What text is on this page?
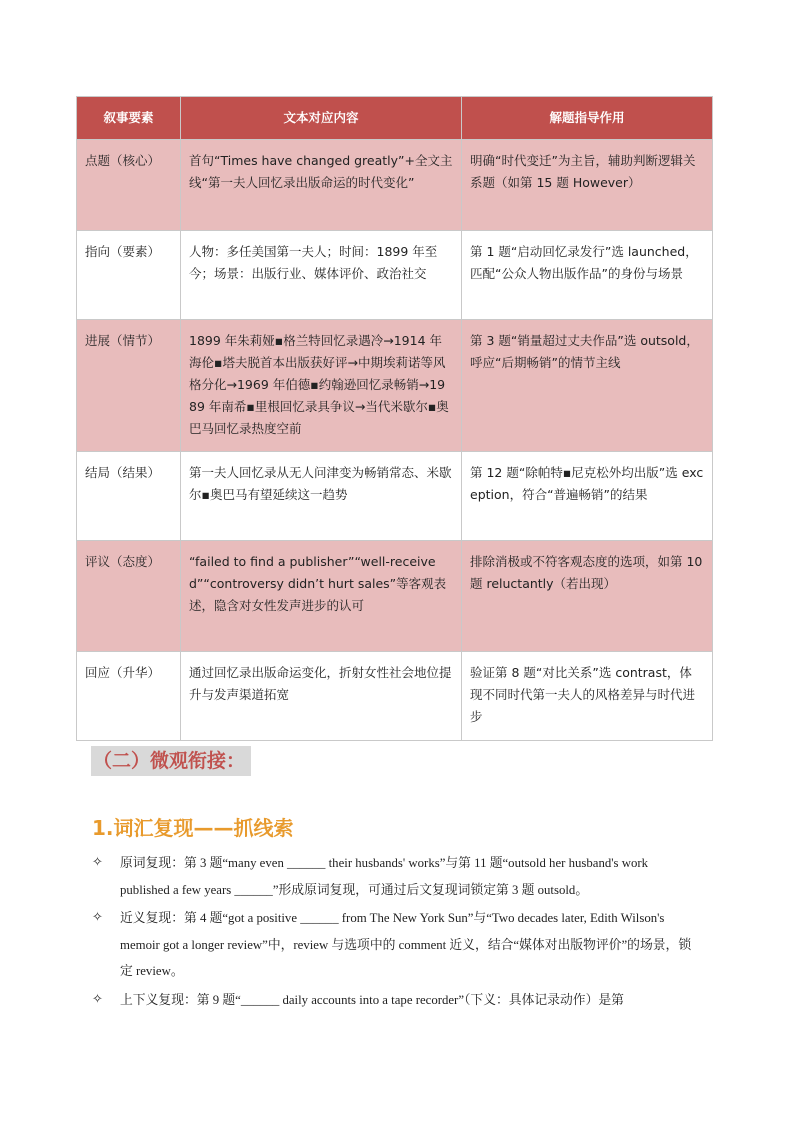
叙事要素	文本对应内容	解题指导作用
点题（核心）	首句“Times have changed greatly”+全文主线“第一夫人回忆录出版命运的时代变化”	明确“时代变迁”为主旨，辅助判断逻辑关系题（如第 15 题 However）
指向（要素）	人物：多任美国第一夫人；时间：1899 年至今；场景：出版行业、媒体评价、政治社交	第 1 题“启动回忆录发行”选 launched，匹配“公众人物出版作品”的身份与场景
进展（情节）	1899 年朱莉娅▪格兰特回忆录遇冷→1914 年海伦▪塔夫脱首本出版获好评→中期埃莉诺等风格分化→1969 年伯德▪约翰逊回忆录畅销→1989 年南希▪里根回忆录具争议→当代米歇尔▪奥巴马回忆录热度空前	第 3 题“销量超过丈夫作品”选 outsold，呼应“后期畅销”的情节主线
结局（结果）	第一夫人回忆录从无人问津变为畅销常态、米歇尔▪奥巴马有望延续这一趋势	第 12 题“除帕特▪尼克松外均出版”选 exception，符合“普遍畅销”的结果
评议（态度）	“failed to find a publisher”“well-received”“controversy didn’t hurt sales”等客观表述，隐含对女性发声进步的认可	排除消极或不符客观态度的选项，如第 10 题 reluctantly（若出现）
回应（升华）	通过回忆录出版命运变化，折射女性社会地位提升与发声渠道拓宽	验证第 8 题“对比关系”选 contrast，体现不同时代第一夫人的风格差异与时代进步
（二）微观衔接：
1.词汇复现——抓线索
✧ 原词复现：第 3 题“many even ______ their husbands' works”与第 11 题“outsold her husband's work published a few years ______”形成原词复现，可通过后文复现词锁定第 3 题 outsold。
✧ 近义复现：第 4 题“got a positive ______ from The New York Sun”与“Two decades later, Edith Wilson's memoir got a longer review”中，review 与选项中的 comment 近义，结合“媒体对出版物评价”的场景，锁定 review。
✧ 上下义复现：第 9 题“______ daily accounts into a tape recorder”（下义：具体记录动作）是第
